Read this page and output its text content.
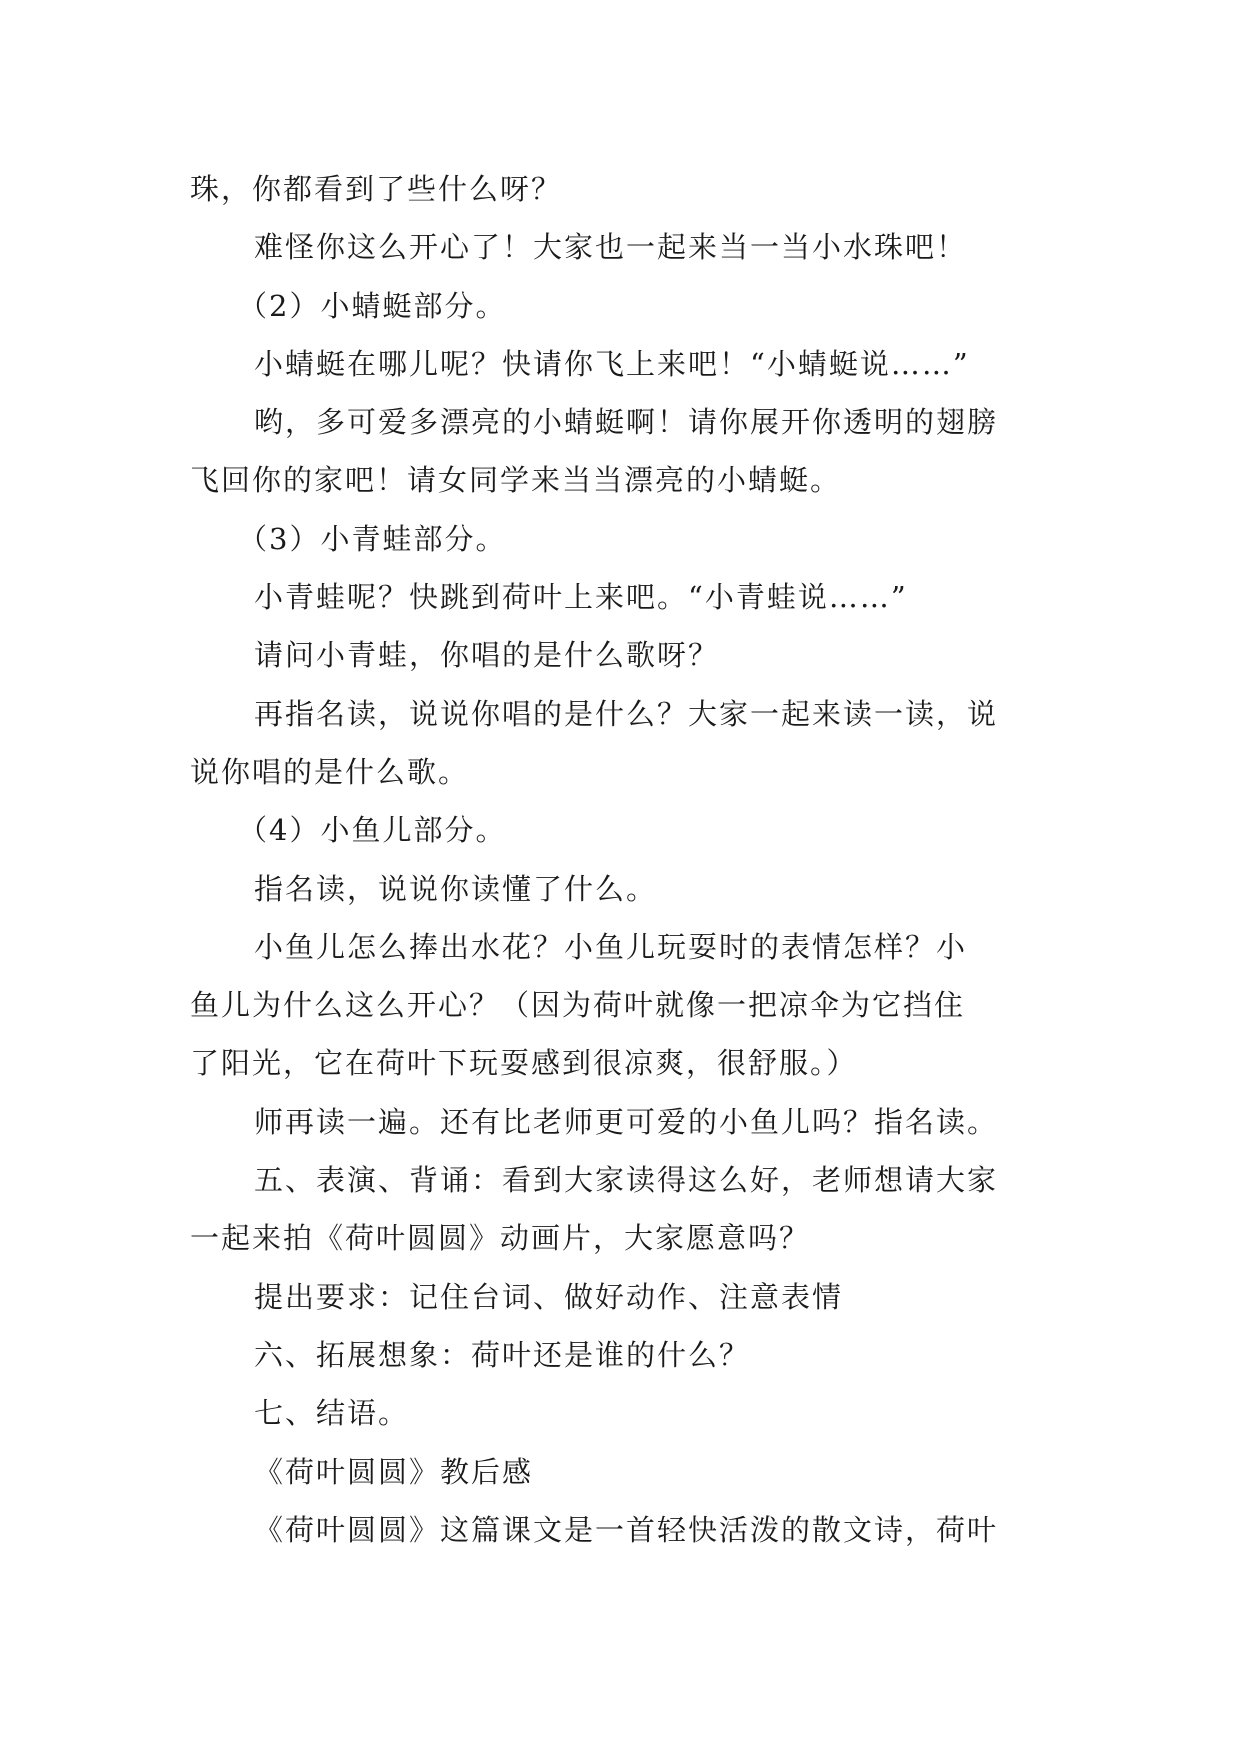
珠，你都看到了些什么呀？
难怪你这么开心了！大家也一起来当一当小水珠吧！
（2）小蜻蜓部分。
小蜻蜓在哪儿呢？快请你飞上来吧！“小蜻蜓说……”
哟，多可爱多漂亮的小蜻蜓啊！请你展开你透明的翅膀
飞回你的家吧！请女同学来当当漂亮的小蜻蜓。
（3）小青蛙部分。
小青蛙呢？快跳到荷叶上来吧。“小青蛙说……”
请问小青蛙，你唱的是什么歌呀？
再指名读，说说你唱的是什么？大家一起来读一读，说
说你唱的是什么歌。
（4）小鱼儿部分。
指名读，说说你读懂了什么。
小鱼儿怎么捧出水花？小鱼儿玩耍时的表情怎样？小
鱼儿为什么这么开心？（因为荷叶就像一把凉伞为它挡住
了阳光，它在荷叶下玩耍感到很凉爽，很舒服。）
师再读一遍。还有比老师更可爱的小鱼儿吗？指名读。
五、表演、背诵：看到大家读得这么好，老师想请大家
一起来拍《荷叶圆圆》动画片，大家愿意吗？
提出要求：记住台词、做好动作、注意表情
六、拓展想象：荷叶还是谁的什么？
七、结语。
《荷叶圆圆》教后感
《荷叶圆圆》这篇课文是一首轻快活泼的散文诗，荷叶
